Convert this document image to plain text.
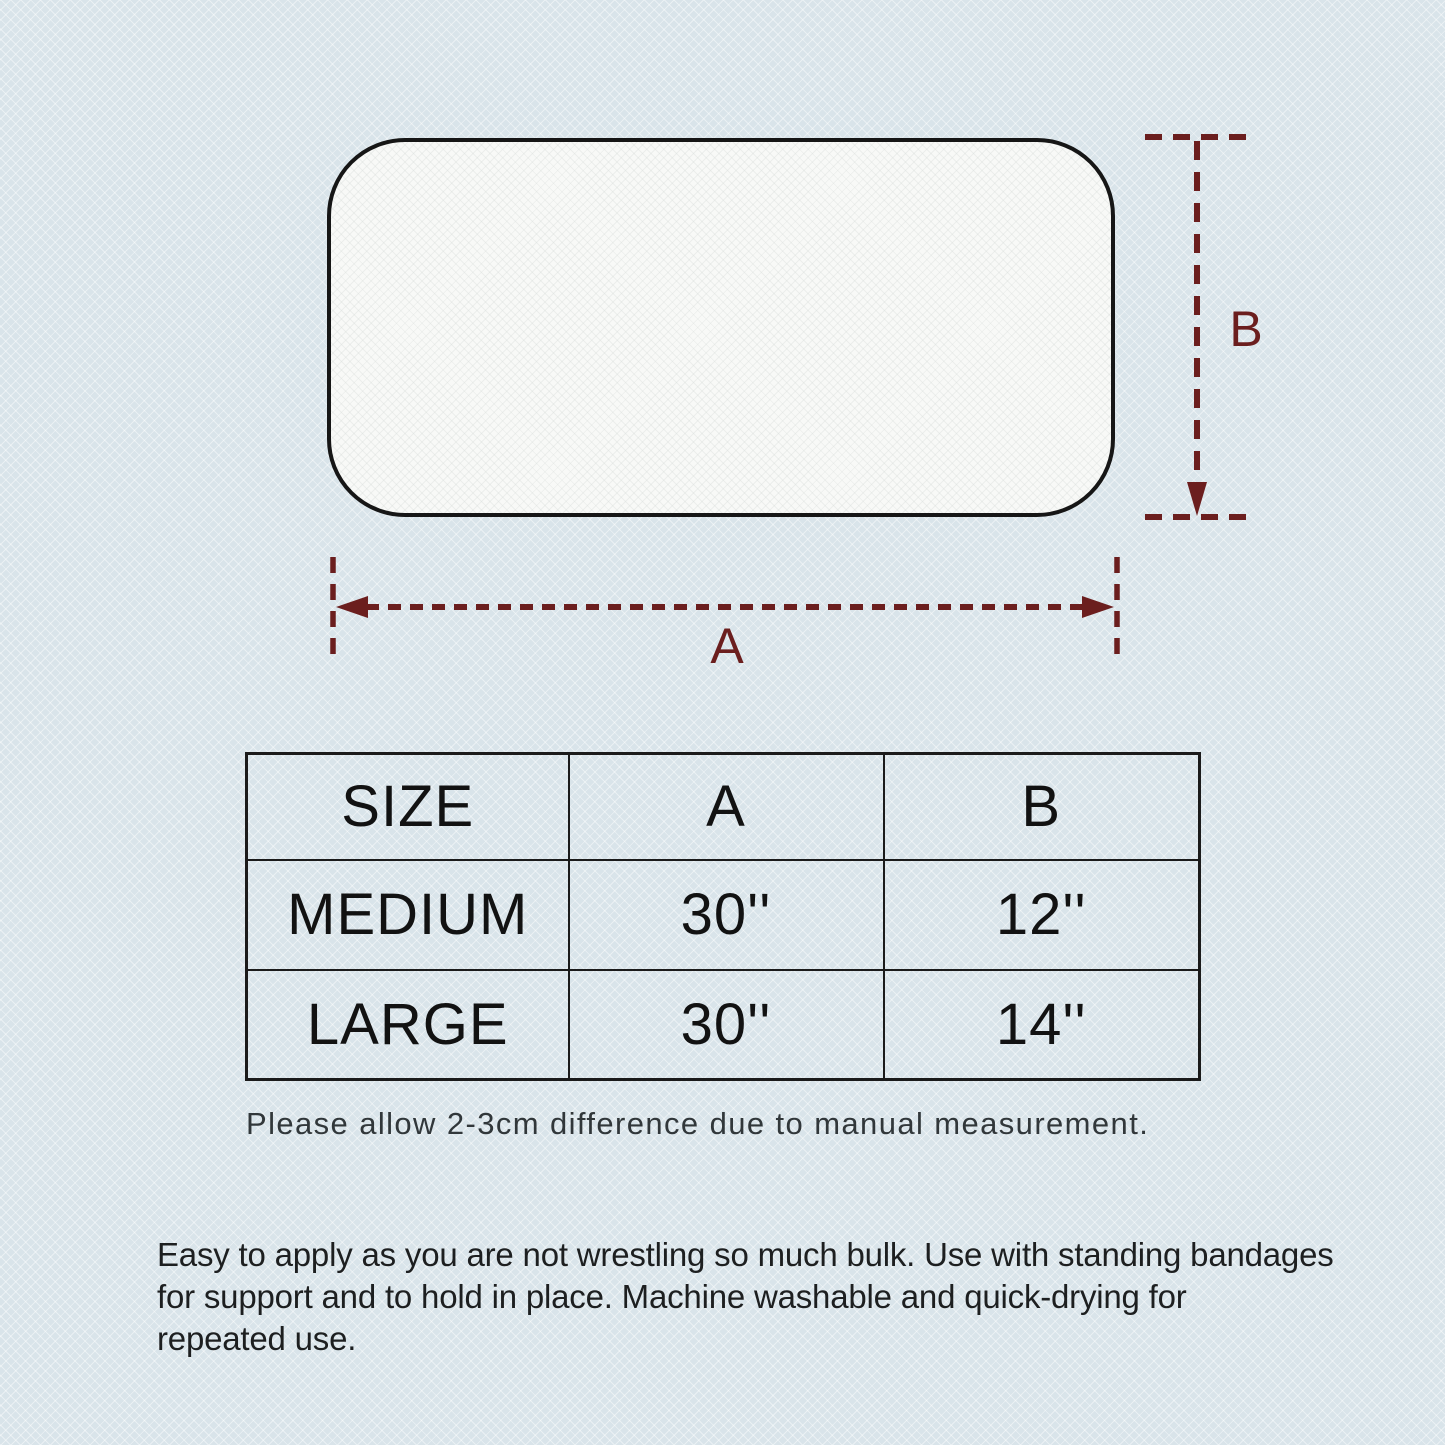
B
A
SIZE	A	B
MEDIUM	30''	12''
LARGE	30''	14''
Please allow 2-3cm difference due to manual measurement.
Easy to apply as you are not wrestling so much bulk. Use with standing bandages
for support and to hold in place. Machine washable and quick-drying for
repeated use.
